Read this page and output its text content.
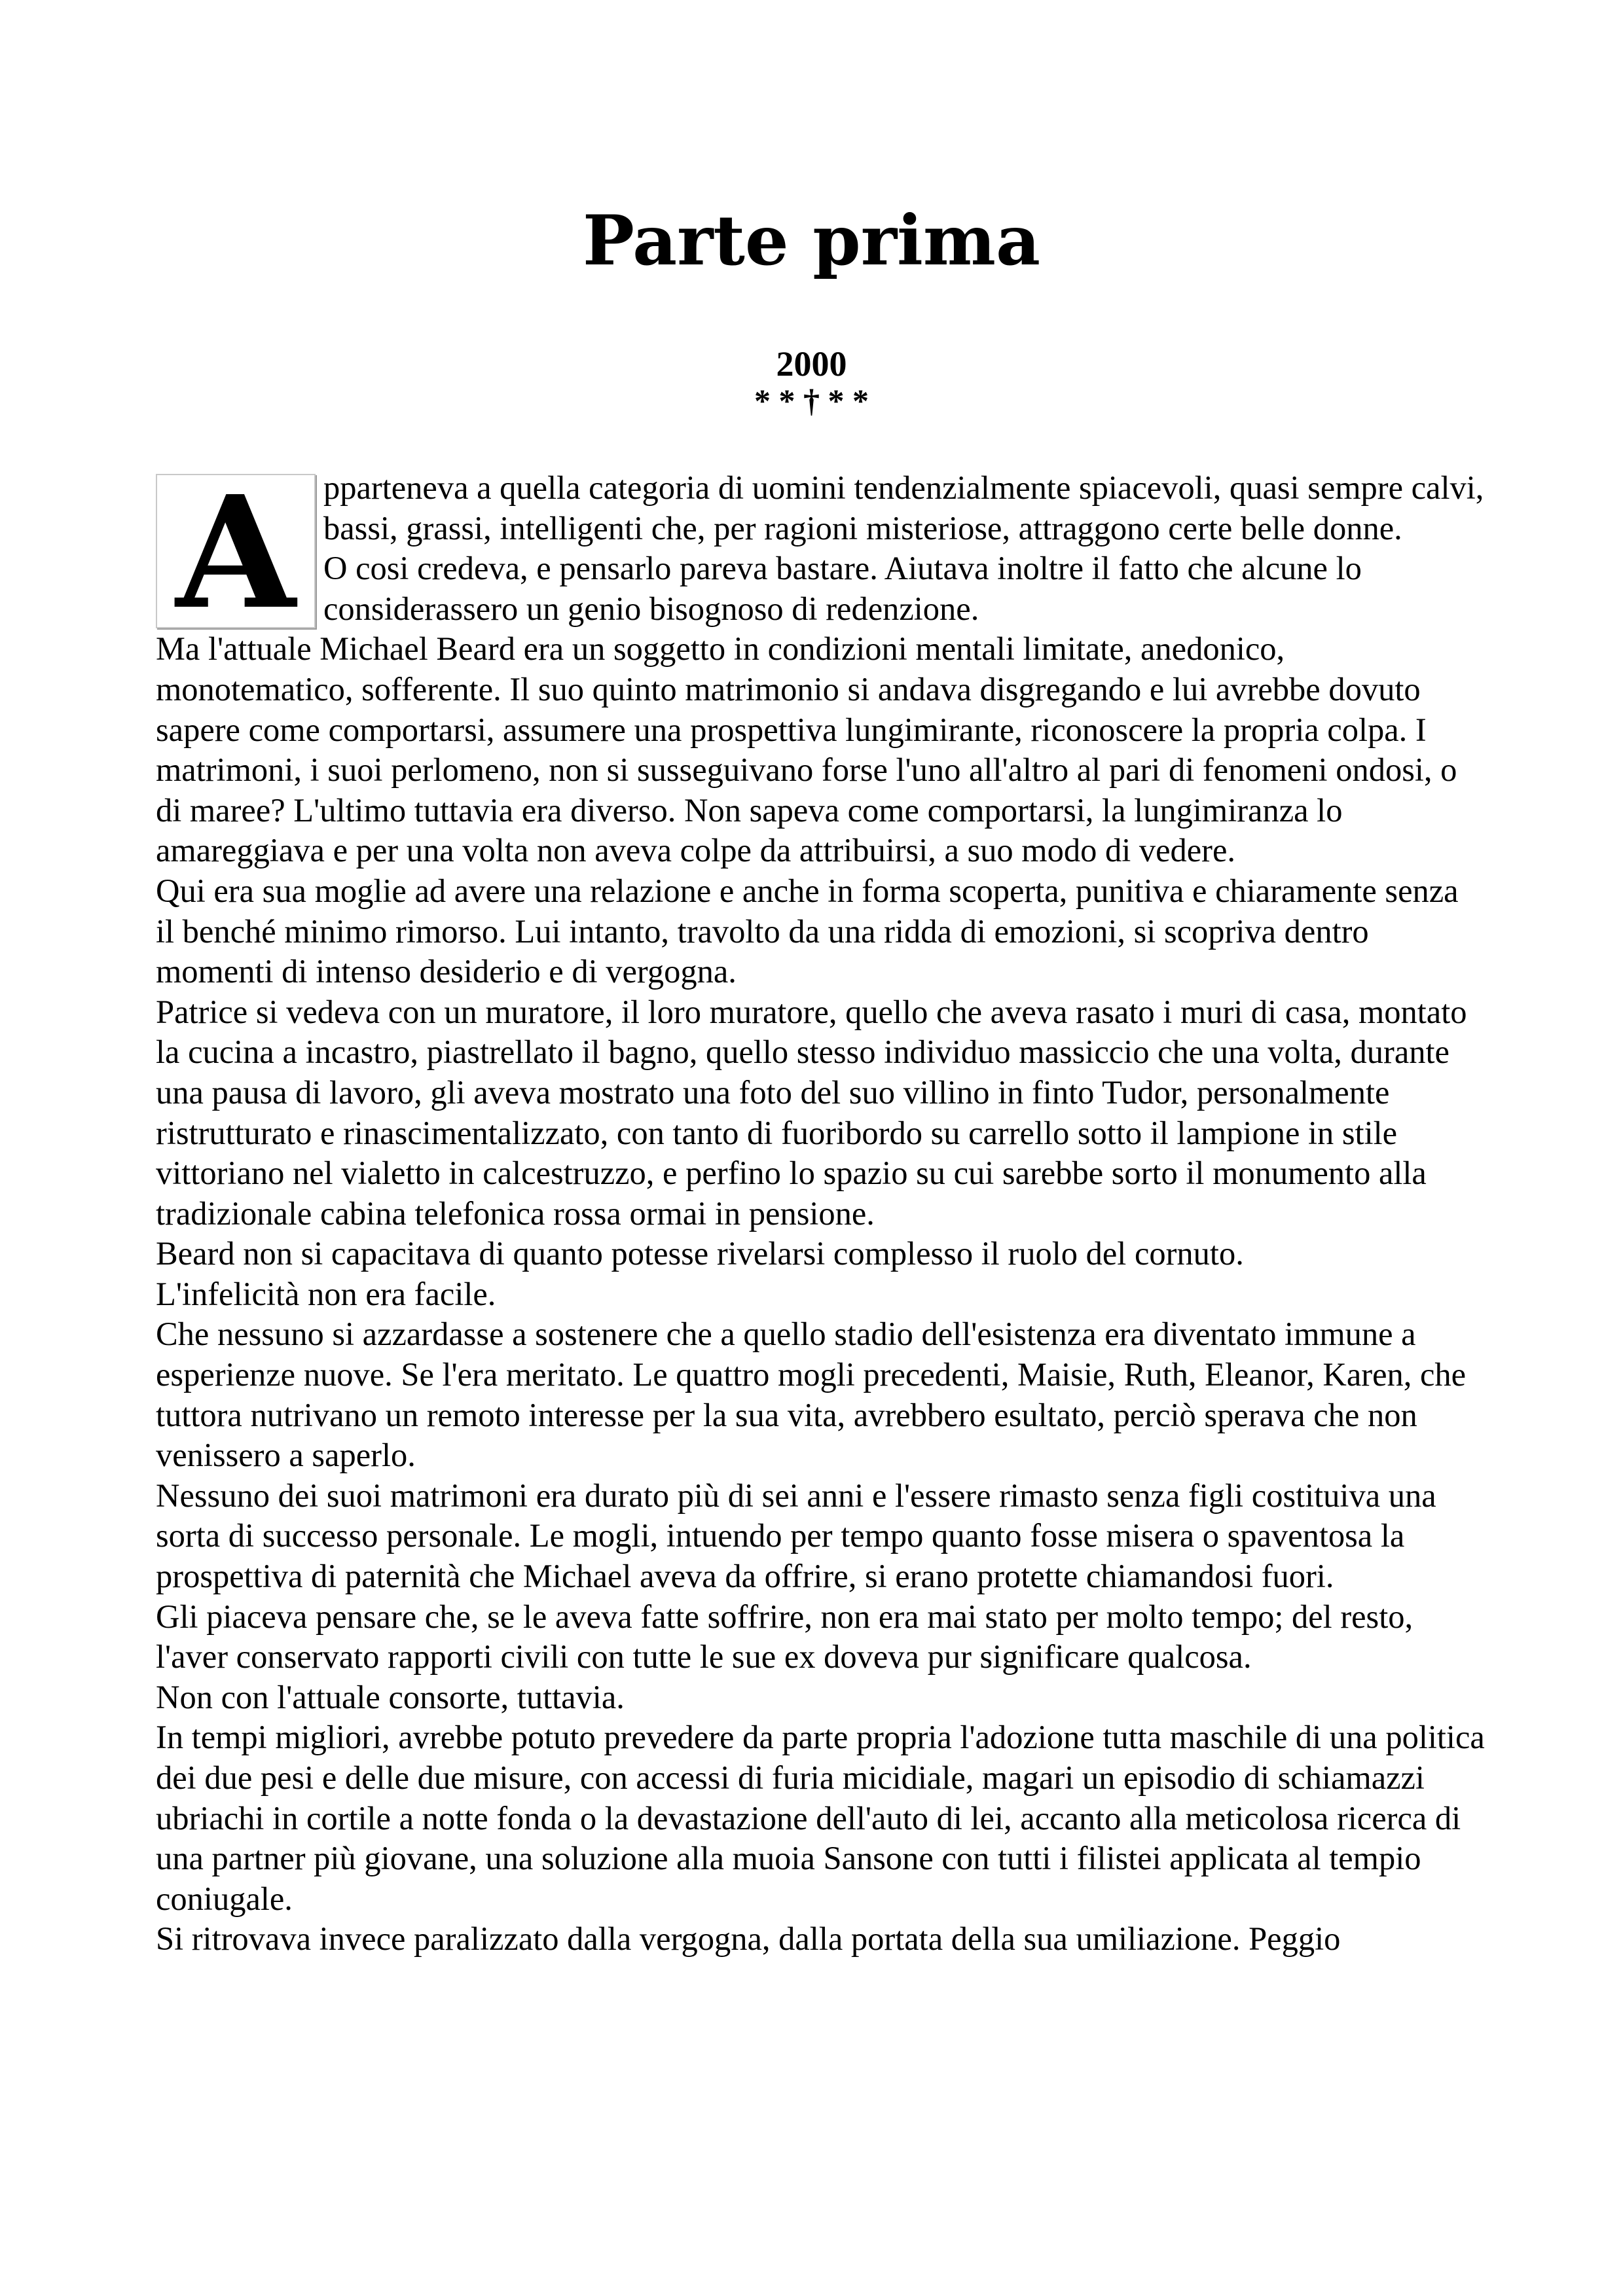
Parte prima
2000
* * † * *
A pparteneva a quella categoria di uomini tendenzialmente spiacevoli, quasi sempre calvi, bassi, grassi, intelligenti che, per ragioni misteriose, attraggono certe belle donne.

O cosi credeva, e pensarlo pareva bastare. Aiutava inoltre il fatto che alcune lo considerassero un genio bisognoso di redenzione.

Ma l'attuale Michael Beard era un soggetto in condizioni mentali limitate, anedonico, monotematico, sofferente. Il suo quinto matrimonio si andava disgregando e lui avrebbe dovuto sapere come comportarsi, assumere una prospettiva lungimirante, riconoscere la propria colpa. I matrimoni, i suoi perlomeno, non si susseguivano forse l'uno all'altro al pari di fenomeni ondosi, o di maree? L'ultimo tuttavia era diverso. Non sapeva come comportarsi, la lungimiranza lo amareggiava e per una volta non aveva colpe da attribuirsi, a suo modo di vedere.

Qui era sua moglie ad avere una relazione e anche in forma scoperta, punitiva e chiaramente senza il benché minimo rimorso. Lui intanto, travolto da una ridda di emozioni, si scopriva dentro momenti di intenso desiderio e di vergogna.

Patrice si vedeva con un muratore, il loro muratore, quello che aveva rasato i muri di casa, montato la cucina a incastro, piastrellato il bagno, quello stesso individuo massiccio che una volta, durante una pausa di lavoro, gli aveva mostrato una foto del suo villino in finto Tudor, personalmente ristrutturato e rinascimentalizzato, con tanto di fuoribordo su carrello sotto il lampione in stile vittoriano nel vialetto in calcestruzzo, e perfino lo spazio su cui sarebbe sorto il monumento alla tradizionale cabina telefonica rossa ormai in pensione.

Beard non si capacitava di quanto potesse rivelarsi complesso il ruolo del cornuto.

L'infelicità non era facile.

Che nessuno si azzardasse a sostenere che a quello stadio dell'esistenza era diventato immune a esperienze nuove. Se l'era meritato. Le quattro mogli precedenti, Maisie, Ruth, Eleanor, Karen, che tuttora nutrivano un remoto interesse per la sua vita, avrebbero esultato, perciò sperava che non venissero a saperlo.

Nessuno dei suoi matrimoni era durato più di sei anni e l'essere rimasto senza figli costituiva una sorta di successo personale. Le mogli, intuendo per tempo quanto fosse misera o spaventosa la prospettiva di paternità che Michael aveva da offrire, si erano protette chiamandosi fuori.

Gli piaceva pensare che, se le aveva fatte soffrire, non era mai stato per molto tempo; del resto, l'aver conservato rapporti civili con tutte le sue ex doveva pur significare qualcosa.

Non con l'attuale consorte, tuttavia.

In tempi migliori, avrebbe potuto prevedere da parte propria l'adozione tutta maschile di una politica dei due pesi e delle due misure, con accessi di furia micidiale, magari un episodio di schiamazzi ubriachi in cortile a notte fonda o la devastazione dell'auto di lei, accanto alla meticolosa ricerca di una partner più giovane, una soluzione alla muoia Sansone con tutti i filistei applicata al tempio coniugale.

Si ritrovava invece paralizzato dalla vergogna, dalla portata della sua umiliazione. Peggio
